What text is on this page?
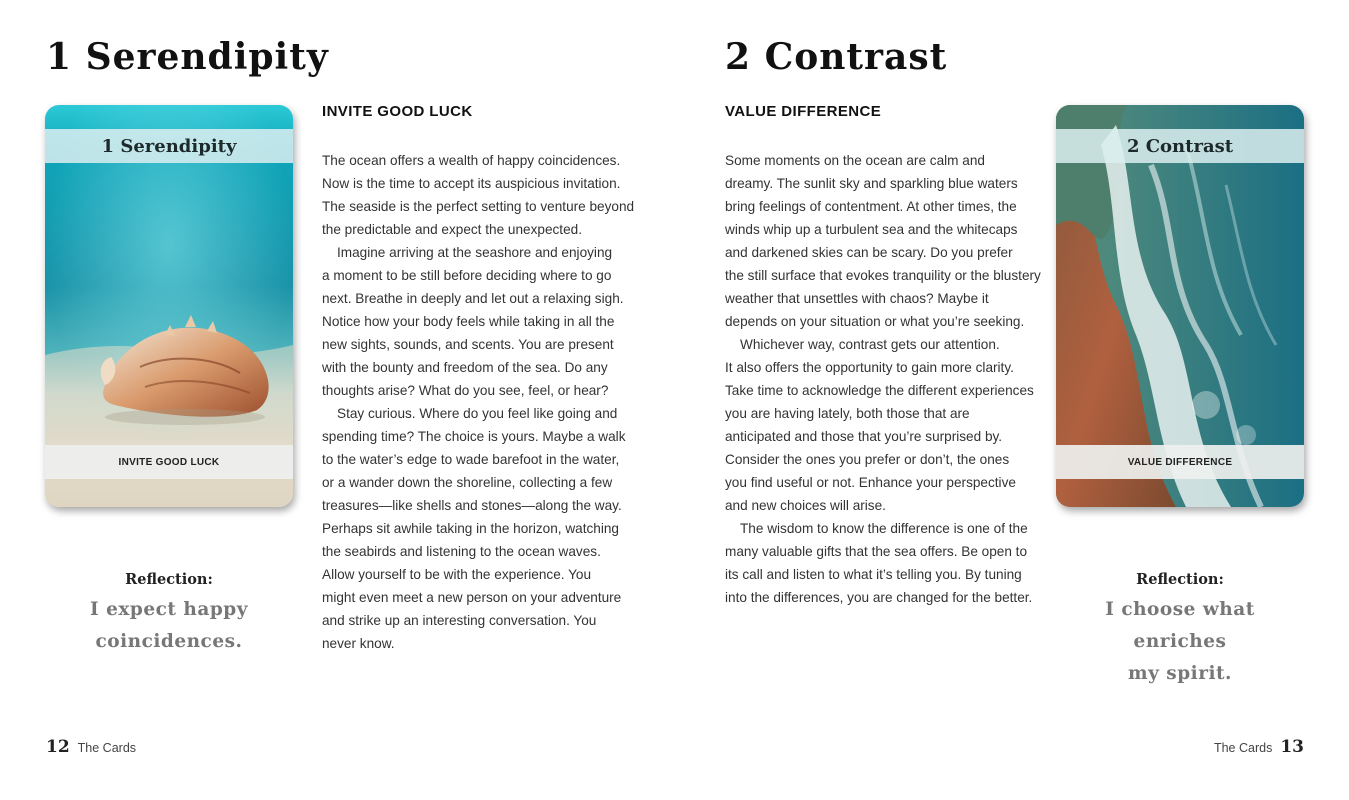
1 Serendipity
1 Serendipity
INVITE GOOD LUCK
Reflection:
I expect happy
coincidences.
INVITE GOOD LUCK

The ocean offers a wealth of happy coincidences.

Now is the time to accept its auspicious invitation.

The seaside is the perfect setting to venture beyond

the predictable and expect the unexpected.

Imagine arriving at the seashore and enjoying

a moment to be still before deciding where to go

next. Breathe in deeply and let out a relaxing sigh.

Notice how your body feels while taking in all the

new sights, sounds, and scents. You are present

with the bounty and freedom of the sea. Do any

thoughts arise? What do you see, feel, or hear?

Stay curious. Where do you feel like going and

spending time? The choice is yours. Maybe a walk

to the water’s edge to wade barefoot in the water,

or a wander down the shoreline, collecting a few

treasures—like shells and stones—along the way.

Perhaps sit awhile taking in the horizon, watching

the seabirds and listening to the ocean waves.

Allow yourself to be with the experience. You

might even meet a new person on your adventure

and strike up an interesting conversation. You

never know.

12 The Cards
2 Contrast
VALUE DIFFERENCE

Some moments on the ocean are calm and

dreamy. The sunlit sky and sparkling blue waters

bring feelings of contentment. At other times, the

winds whip up a turbulent sea and the whitecaps

and darkened skies can be scary. Do you prefer

the still surface that evokes tranquility or the blustery

weather that unsettles with chaos? Maybe it

depends on your situation or what you’re seeking.

Whichever way, contrast gets our attention.

It also offers the opportunity to gain more clarity.

Take time to acknowledge the different experiences

you are having lately, both those that are

anticipated and those that you’re surprised by.

Consider the ones you prefer or don’t, the ones

you find useful or not. Enhance your perspective

and new choices will arise.

The wisdom to know the difference is one of the

many valuable gifts that the sea offers. Be open to

its call and listen to what it’s telling you. By tuning

into the differences, you are changed for the better.

2 Contrast
VALUE DIFFERENCE
Reflection:
I choose what enriches
my spirit.
The Cards 13
